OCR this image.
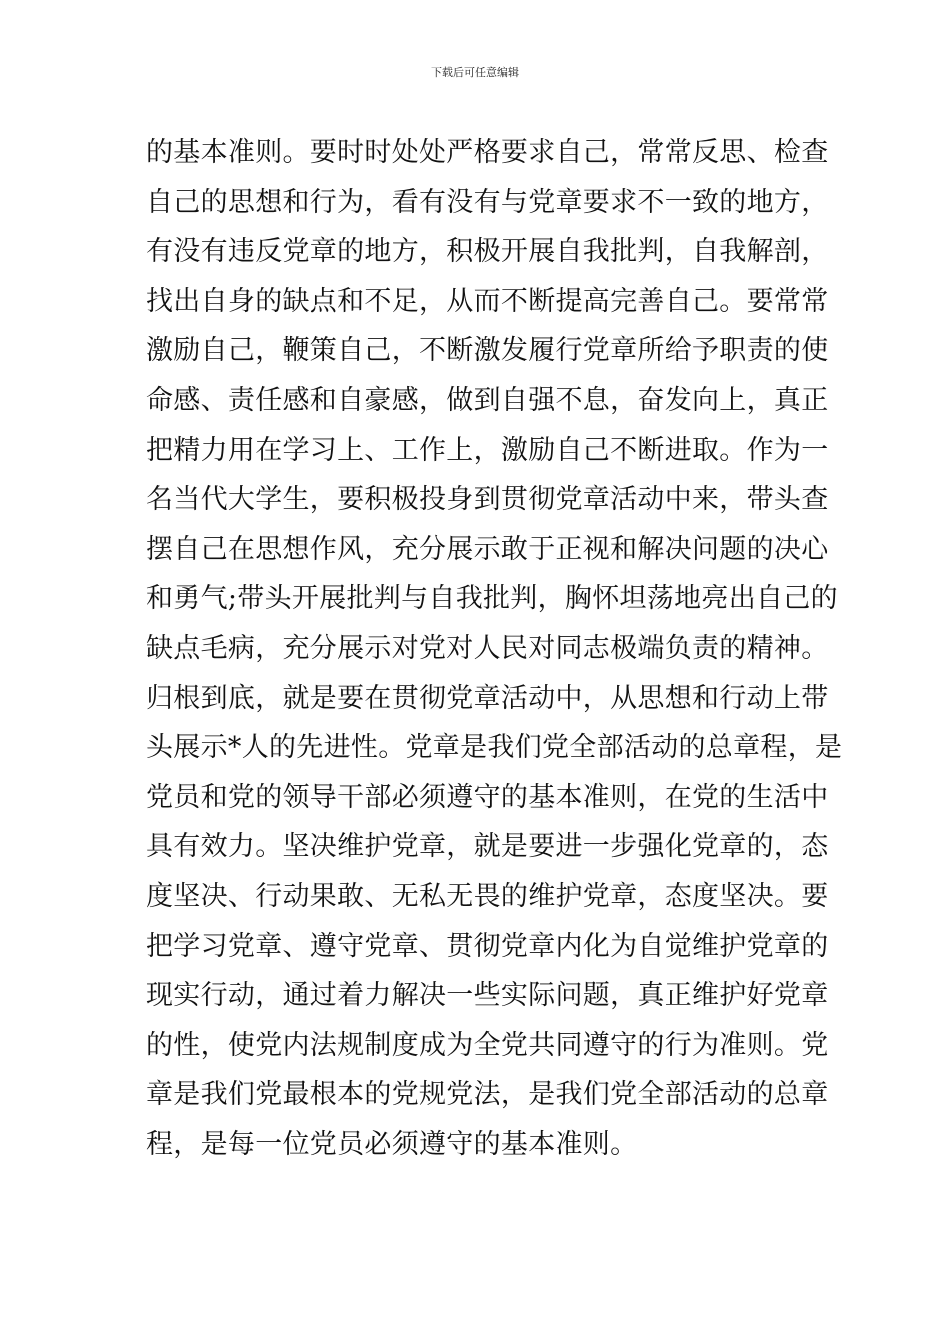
下载后可任意编辑
的基本准则。要时时处处严格要求自己，常常反思、检查
自己的思想和行为，看有没有与党章要求不一致的地方，
有没有违反党章的地方，积极开展自我批判，自我解剖，
找出自身的缺点和不足，从而不断提高完善自己。要常常
激励自己，鞭策自己，不断激发履行党章所给予职责的使
命感、责任感和自豪感，做到自强不息，奋发向上，真正
把精力用在学习上、工作上，激励自己不断进取。作为一
名当代大学生，要积极投身到贯彻党章活动中来，带头查
摆自己在思想作风，充分展示敢于正视和解决问题的决心
和勇气;带头开展批判与自我批判，胸怀坦荡地亮出自己的
缺点毛病，充分展示对党对人民对同志极端负责的精神。
归根到底，就是要在贯彻党章活动中，从思想和行动上带
头展示*人的先进性。党章是我们党全部活动的总章程，是
党员和党的领导干部必须遵守的基本准则，在党的生活中
具有效力。坚决维护党章，就是要进一步强化党章的，态
度坚决、行动果敢、无私无畏的维护党章，态度坚决。要
把学习党章、遵守党章、贯彻党章内化为自觉维护党章的
现实行动，通过着力解决一些实际问题，真正维护好党章
的性，使党内法规制度成为全党共同遵守的行为准则。党
章是我们党最根本的党规党法，是我们党全部活动的总章
程，是每一位党员必须遵守的基本准则。
